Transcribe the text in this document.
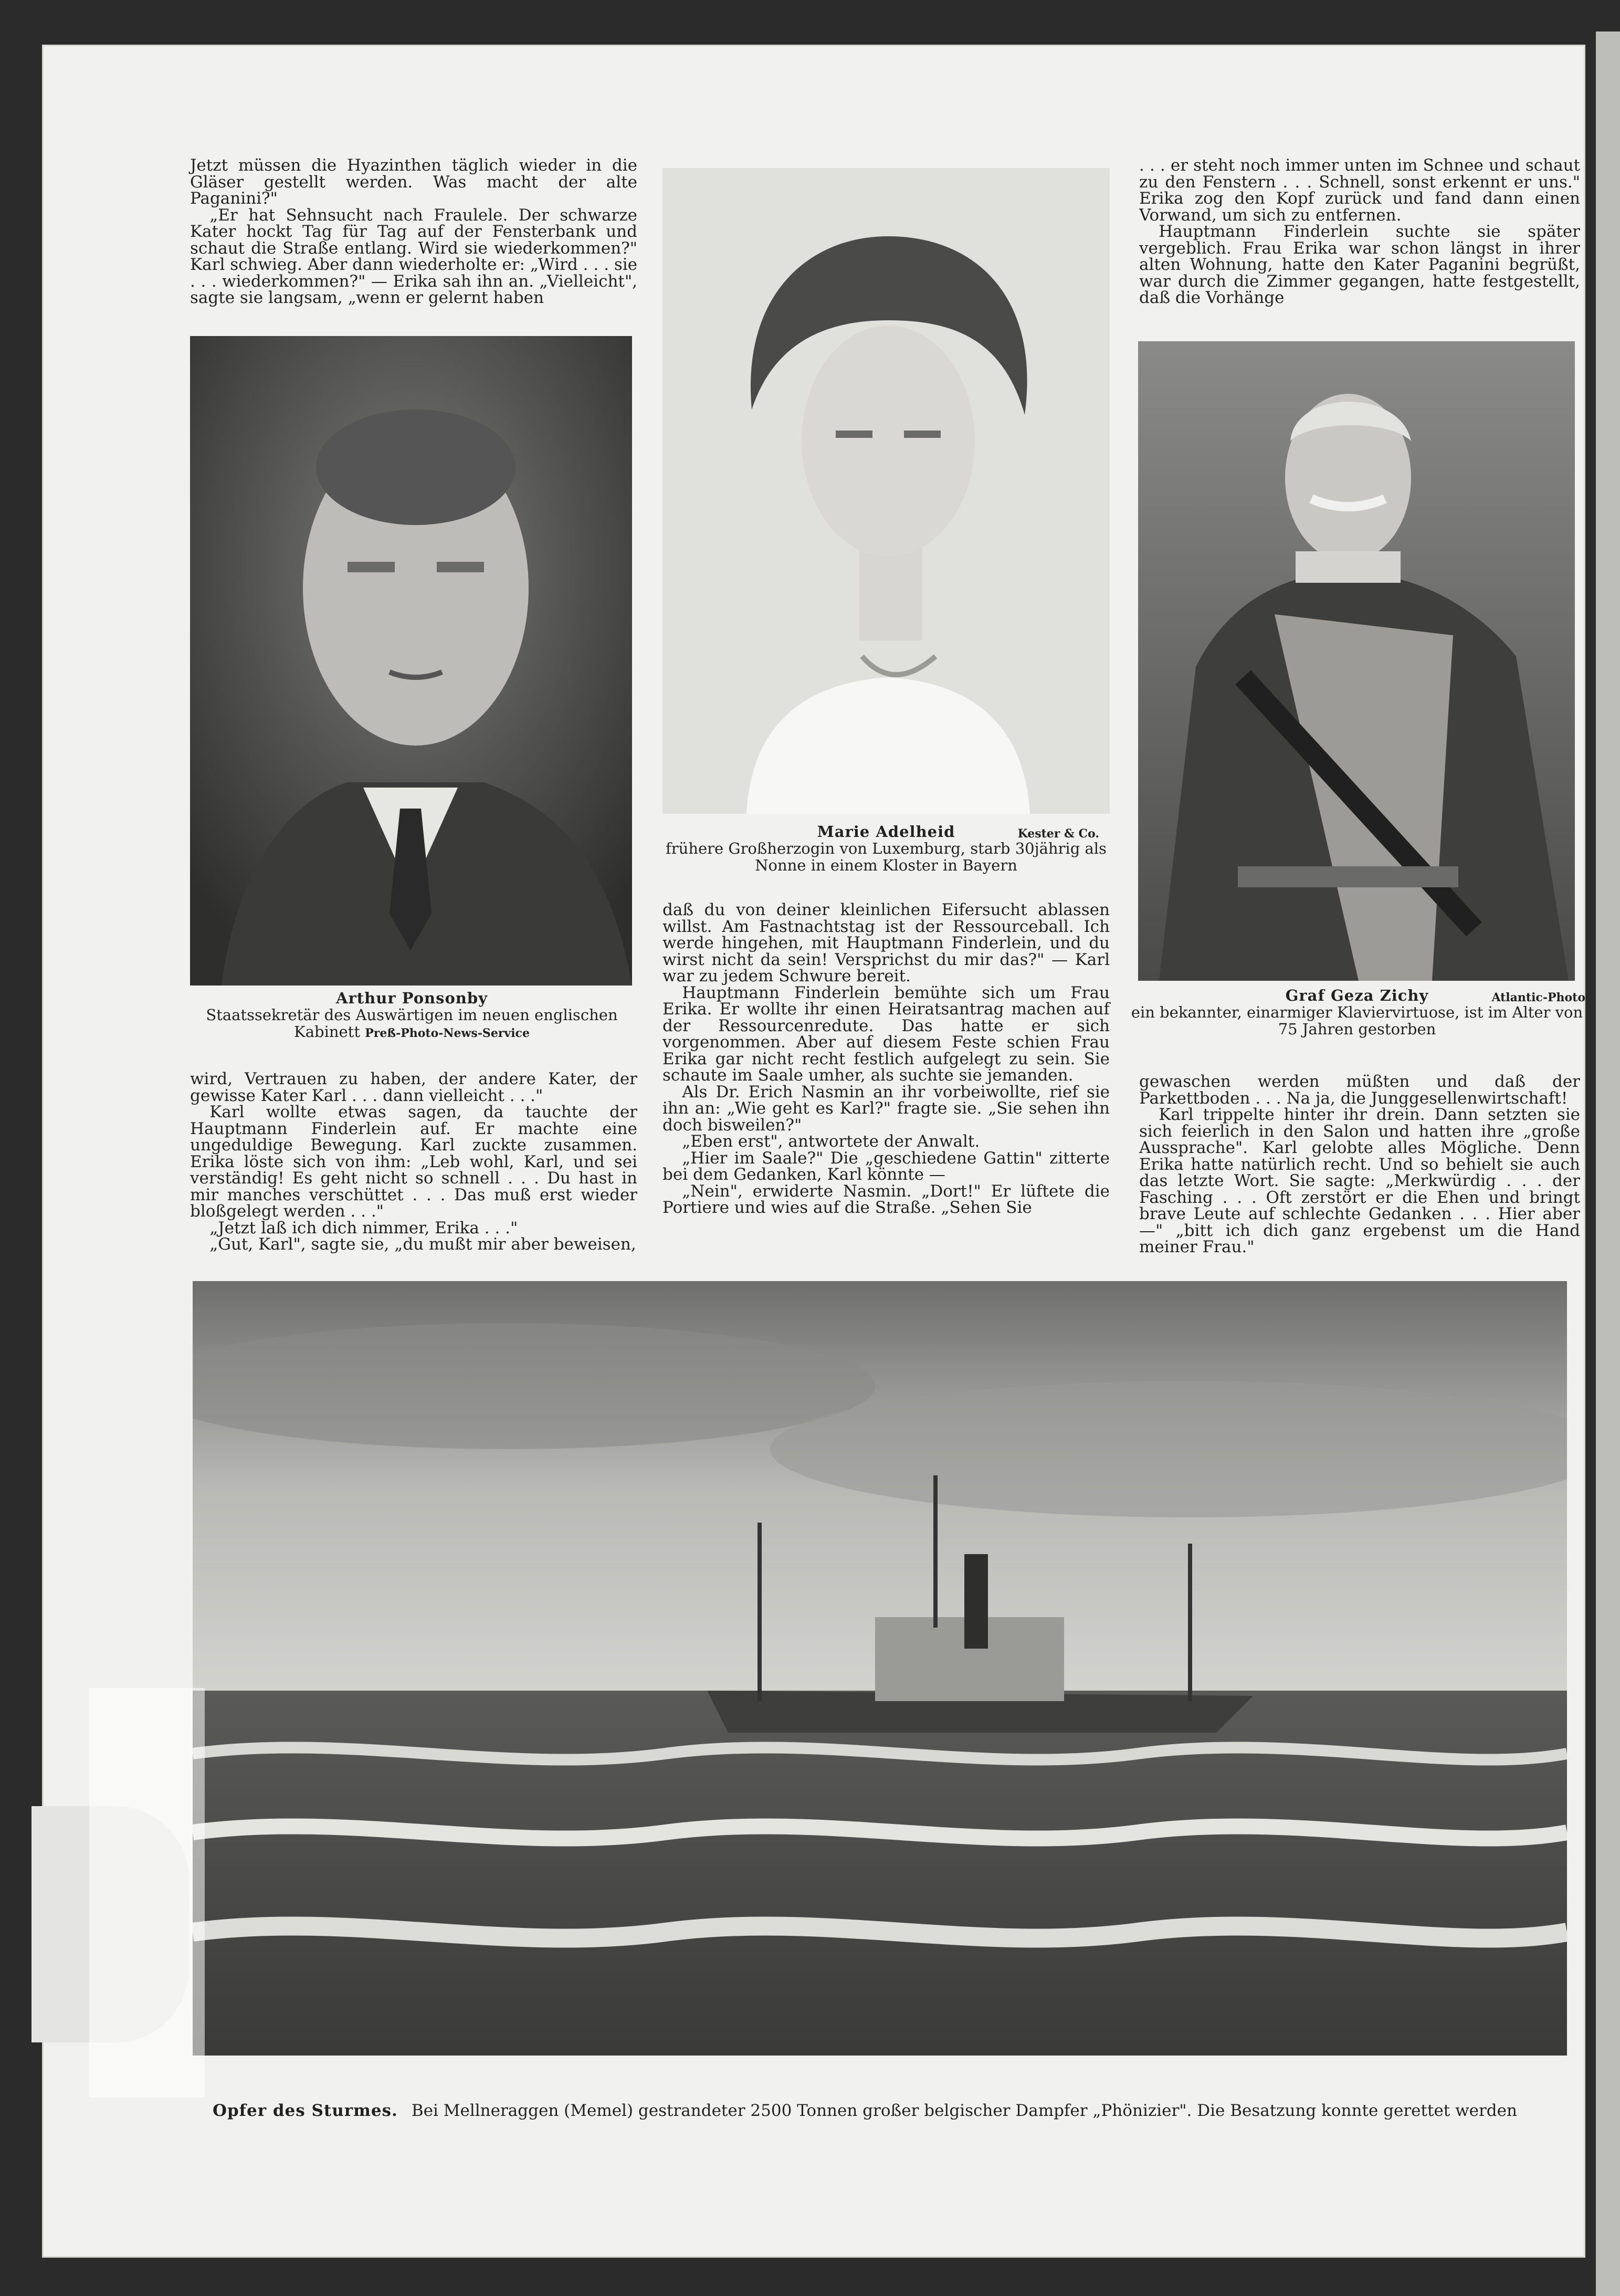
Jetzt müssen die Hyazinthen täglich wieder in die Gläser gestellt werden. Was macht der alte Paganini?"

„Er hat Sehnsucht nach Fraulele. Der schwarze Kater hockt Tag für Tag auf der Fensterbank und schaut die Straße entlang. Wird sie wiederkommen?" Karl schwieg. Aber dann wiederholte er: „Wird . . . sie . . . wiederkommen?" — Erika sah ihn an. „Vielleicht", sagte sie langsam, „wenn er gelernt haben

. . . er steht noch immer unten im Schnee und schaut zu den Fenstern . . . Schnell, sonst erkennt er uns." Erika zog den Kopf zurück und fand dann einen Vorwand, um sich zu entfernen.

Hauptmann Finderlein suchte sie später vergeblich. Frau Erika war schon längst in ihrer alten Wohnung, hatte den Kater Paganini begrüßt, war durch die Zimmer gegangen, hatte festgestellt, daß die Vorhänge

Arthur Ponsonby
Staatssekretär des Auswärtigen im neuen englischen Kabinett Preß-Photo-News-Service

wird, Vertrauen zu haben, der andere Kater, der gewisse Kater Karl . . . dann vielleicht . . ."

Karl wollte etwas sagen, da tauchte der Hauptmann Finderlein auf. Er machte eine ungeduldige Bewegung. Karl zuckte zusammen. Erika löste sich von ihm: „Leb wohl, Karl, und sei verständig! Es geht nicht so schnell . . . Du hast in mir manches verschüttet . . . Das muß erst wieder bloßgelegt werden . . ."

„Jetzt laß ich dich nimmer, Erika . . ."

„Gut, Karl", sagte sie, „du mußt mir aber beweisen,

Marie Adelheid	Kester & Co.
frühere Großherzogin von Luxemburg, starb 30jährig als Nonne in einem Kloster in Bayern

daß du von deiner kleinlichen Eifersucht ablassen willst. Am Fastnachtstag ist der Ressourceball. Ich werde hingehen, mit Hauptmann Finderlein, und du wirst nicht da sein! Versprichst du mir das?" — Karl war zu jedem Schwure bereit.

Hauptmann Finderlein bemühte sich um Frau Erika. Er wollte ihr einen Heiratsantrag machen auf der Ressourcenredute. Das hatte er sich vorgenommen. Aber auf diesem Feste schien Frau Erika gar nicht recht festlich aufgelegt zu sein. Sie schaute im Saale umher, als suchte sie jemanden.

Als Dr. Erich Nasmin an ihr vorbeiwollte, rief sie ihn an: „Wie geht es Karl?" fragte sie. „Sie sehen ihn doch bisweilen?"

„Eben erst", antwortete der Anwalt.

„Hier im Saale?" Die „geschiedene Gattin" zitterte bei dem Gedanken, Karl könnte —

„Nein", erwiderte Nasmin. „Dort!" Er lüftete die Portiere und wies auf die Straße. „Sehen Sie

Graf Geza Zichy	Atlantic-Photo
ein bekannter, einarmiger Klaviervirtuose, ist im Alter von 75 Jahren gestorben

gewaschen werden müßten und daß der Parkettboden . . . Na ja, die Junggesellenwirtschaft!

Karl trippelte hinter ihr drein. Dann setzten sie sich feierlich in den Salon und hatten ihre „große Aussprache". Karl gelobte alles Mögliche. Denn Erika hatte natürlich recht. Und so behielt sie auch das letzte Wort. Sie sagte: „Merkwürdig . . . der Fasching . . . Oft zerstört er die Ehen und bringt brave Leute auf schlechte Gedanken . . . Hier aber —" „bitt ich dich ganz ergebenst um die Hand meiner Frau."

Opfer des Sturmes. Bei Mellneraggen (Memel) gestrandeter 2500 Tonnen großer belgischer Dampfer „Phönizier". Die Besatzung konnte gerettet werden
